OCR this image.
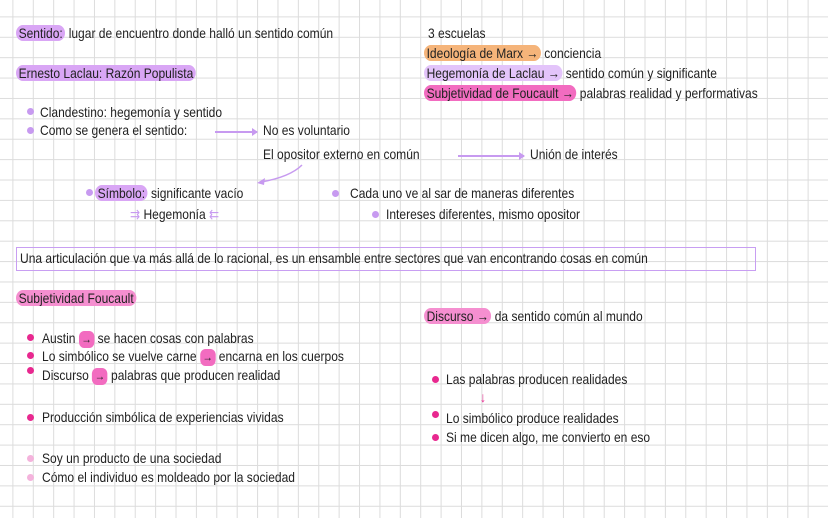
Sentido: lugar de encuentro donde halló un sentido común
Ernesto Laclau: Razón Populista
Clandestino: hegemonía y sentido
Como se genera el sentido:	No es voluntario
El opositor externo en común	Unión de interés
Símbolo: significante vacío
⇉ Hegemonía ⇇
Cada uno ve al sar de maneras diferentes
Intereses diferentes, mismo opositor
3 escuelas
Ideología de Marx → conciencia
Hegemonía de Laclau → sentido común y significante
Subjetividad de Foucault → palabras realidad y performativas
Una articulación que va más allá de lo racional, es un ensamble entre sectores que van encontrando cosas en común
Subjetividad Foucault
Austin → se hacen cosas con palabras
Lo simbólico se vuelve carne → encarna en los cuerpos
Discurso → palabras que producen realidad
Producción simbólica de experiencias vividas
Soy un producto de una sociedad
Cómo el individuo es moldeado por la sociedad
Discurso → da sentido común al mundo
Las palabras producen realidades
↓
Lo simbólico produce realidades
Si me dicen algo, me convierto en eso
